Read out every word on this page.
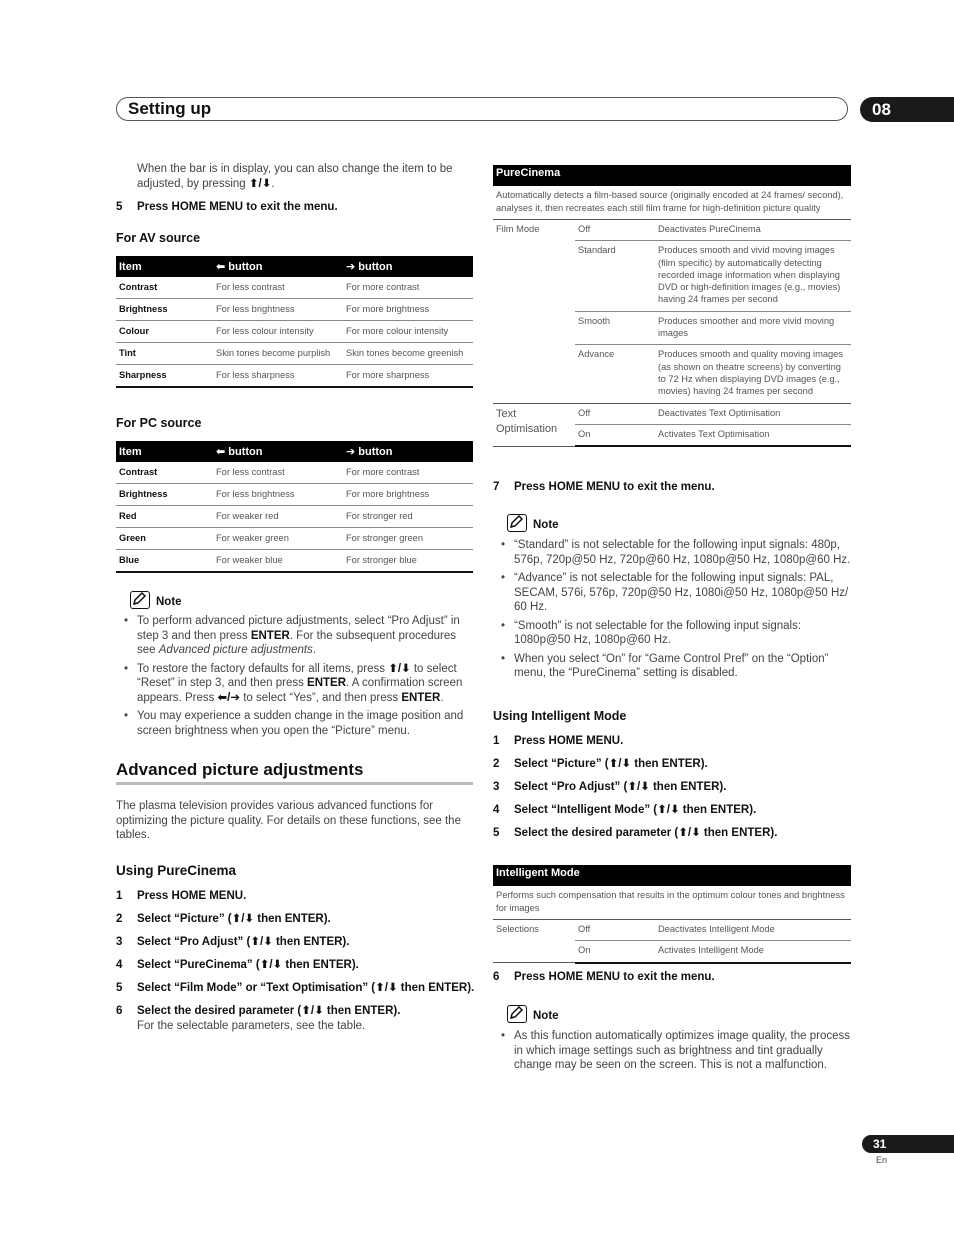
Setting up	08
When the bar is in display, you can also change the item to be
adjusted, by pressing ⬆/⬇.
5 Press HOME MENU to exit the menu.
For AV source
Item	⬅ button	➔ button
Contrast	For less contrast	For more contrast
Brightness	For less brightness	For more brightness
Colour	For less colour intensity	For more colour intensity
Tint	Skin tones become purplish	Skin tones become greenish
Sharpness	For less sharpness	For more sharpness
For PC source
Item	⬅ button	➔ button
Contrast	For less contrast	For more contrast
Brightness	For less brightness	For more brightness
Red	For weaker red	For stronger red
Green	For weaker green	For stronger green
Blue	For weaker blue	For stronger blue
Note
• To perform advanced picture adjustments, select “Pro Adjust” in step 3 and then press ENTER. For the subsequent procedures see Advanced picture adjustments.
• To restore the factory defaults for all items, press ⬆/⬇ to select “Reset” in step 3, and then press ENTER. A confirmation screen appears. Press ⬅/➔ to select “Yes”, and then press ENTER.
• You may experience a sudden change in the image position and screen brightness when you open the “Picture” menu.
Advanced picture adjustments
The plasma television provides various advanced functions for optimizing the picture quality. For details on these functions, see the tables.
Using PureCinema
1 Press HOME MENU.
2 Select “Picture” (⬆/⬇ then ENTER).
3 Select “Pro Adjust” (⬆/⬇ then ENTER).
4 Select “PureCinema” (⬆/⬇ then ENTER).
5 Select “Film Mode” or “Text Optimisation” (⬆/⬇ then ENTER).
6 Select the desired parameter (⬆/⬇ then ENTER).
For the selectable parameters, see the table.
PureCinema
Automatically detects a film-based source (originally encoded at 24 frames/ second), analyses it, then recreates each still film frame for high-definition picture quality
Film Mode	Off	Deactivates PureCinema
	Standard	Produces smooth and vivid moving images (film specific) by automatically detecting recorded image information when displaying DVD or high-definition images (e.g., movies) having 24 frames per second
	Smooth	Produces smoother and more vivid moving images
	Advance	Produces smooth and quality moving images (as shown on theatre screens) by converting to 72 Hz when displaying DVD images (e.g., movies) having 24 frames per second
Text Optimisation	Off	Deactivates Text Optimisation
	On	Activates Text Optimisation
7 Press HOME MENU to exit the menu.
Note
• “Standard” is not selectable for the following input signals: 480p, 576p, 720p@50 Hz, 720p@60 Hz, 1080p@50 Hz, 1080p@60 Hz.
• “Advance” is not selectable for the following input signals: PAL, SECAM, 576i, 576p, 720p@50 Hz, 1080i@50 Hz, 1080p@50 Hz/ 60 Hz.
• “Smooth” is not selectable for the following input signals: 1080p@50 Hz, 1080p@60 Hz.
• When you select “On” for “Game Control Pref” on the “Option” menu, the “PureCinema” setting is disabled.
Using Intelligent Mode
1 Press HOME MENU.
2 Select “Picture” (⬆/⬇ then ENTER).
3 Select “Pro Adjust” (⬆/⬇ then ENTER).
4 Select “Intelligent Mode” (⬆/⬇ then ENTER).
5 Select the desired parameter (⬆/⬇ then ENTER).
Intelligent Mode
Performs such compensation that results in the optimum colour tones and brightness for images
Selections	Off	Deactivates Intelligent Mode
	On	Activates Intelligent Mode
6 Press HOME MENU to exit the menu.
Note
• As this function automatically optimizes image quality, the process in which image settings such as brightness and tint gradually change may be seen on the screen. This is not a malfunction.
31
En
